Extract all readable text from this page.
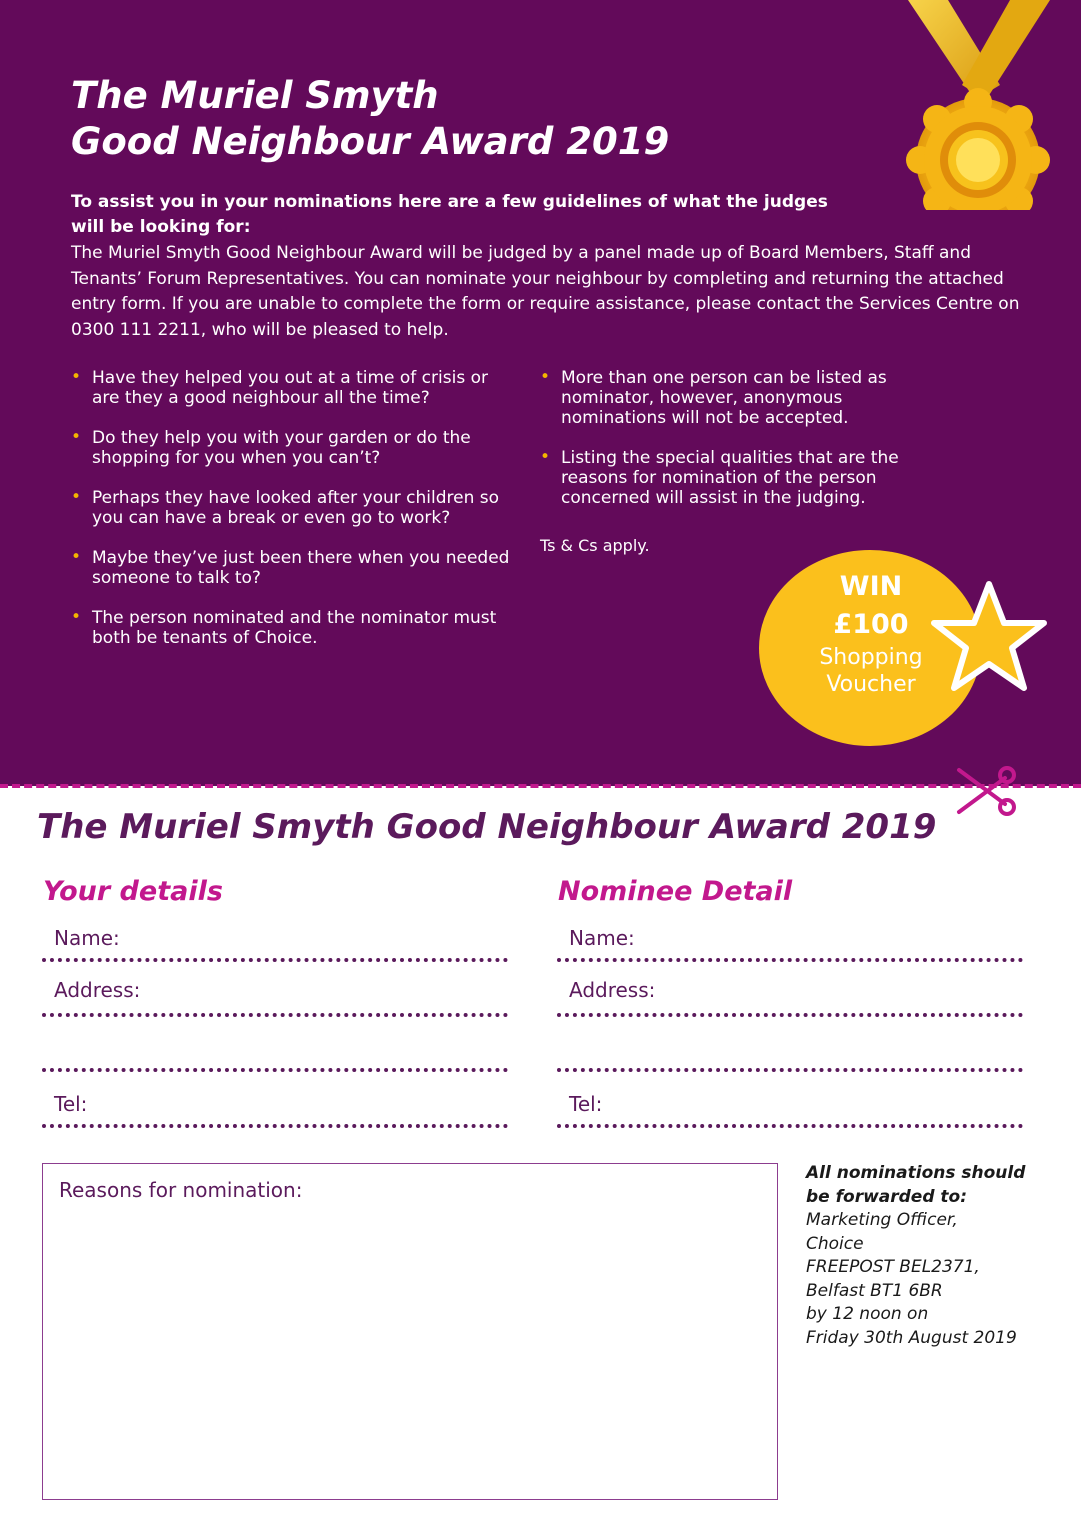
The Muriel Smyth
Good Neighbour Award 2019

To assist you in your nominations here are a few guidelines of what the judges will be looking for:

The Muriel Smyth Good Neighbour Award will be judged by a panel made up of Board Members, Staff and Tenants’ Forum Representatives. You can nominate your neighbour by completing and returning the attached entry form. If you are unable to complete the form or require assistance, please contact the Services Centre on 0300 111 2211, who will be pleased to help.

• Have they helped you out at a time of crisis or are they a good neighbour all the time?
• Do they help you with your garden or do the shopping for you when you can’t?
• Perhaps they have looked after your children so you can have a break or even go to work?
• Maybe they’ve just been there when you needed someone to talk to?
• The person nominated and the nominator must both be tenants of Choice.
• More than one person can be listed as nominator, however, anonymous nominations will not be accepted.
• Listing the special qualities that are the reasons for nomination of the person concerned will assist in the judging.

Ts & Cs apply.

WIN
£100
Shopping
Voucher
The Muriel Smyth Good Neighbour Award 2019
Your details	Nominee Detail
Name:
Address:
Tel:
Name:
Address:
Tel:
Reasons for nomination:
All nominations should
be forwarded to:
Marketing Officer,
Choice
FREEPOST BEL2371,
Belfast BT1 6BR
by 12 noon on
Friday 30th August 2019
